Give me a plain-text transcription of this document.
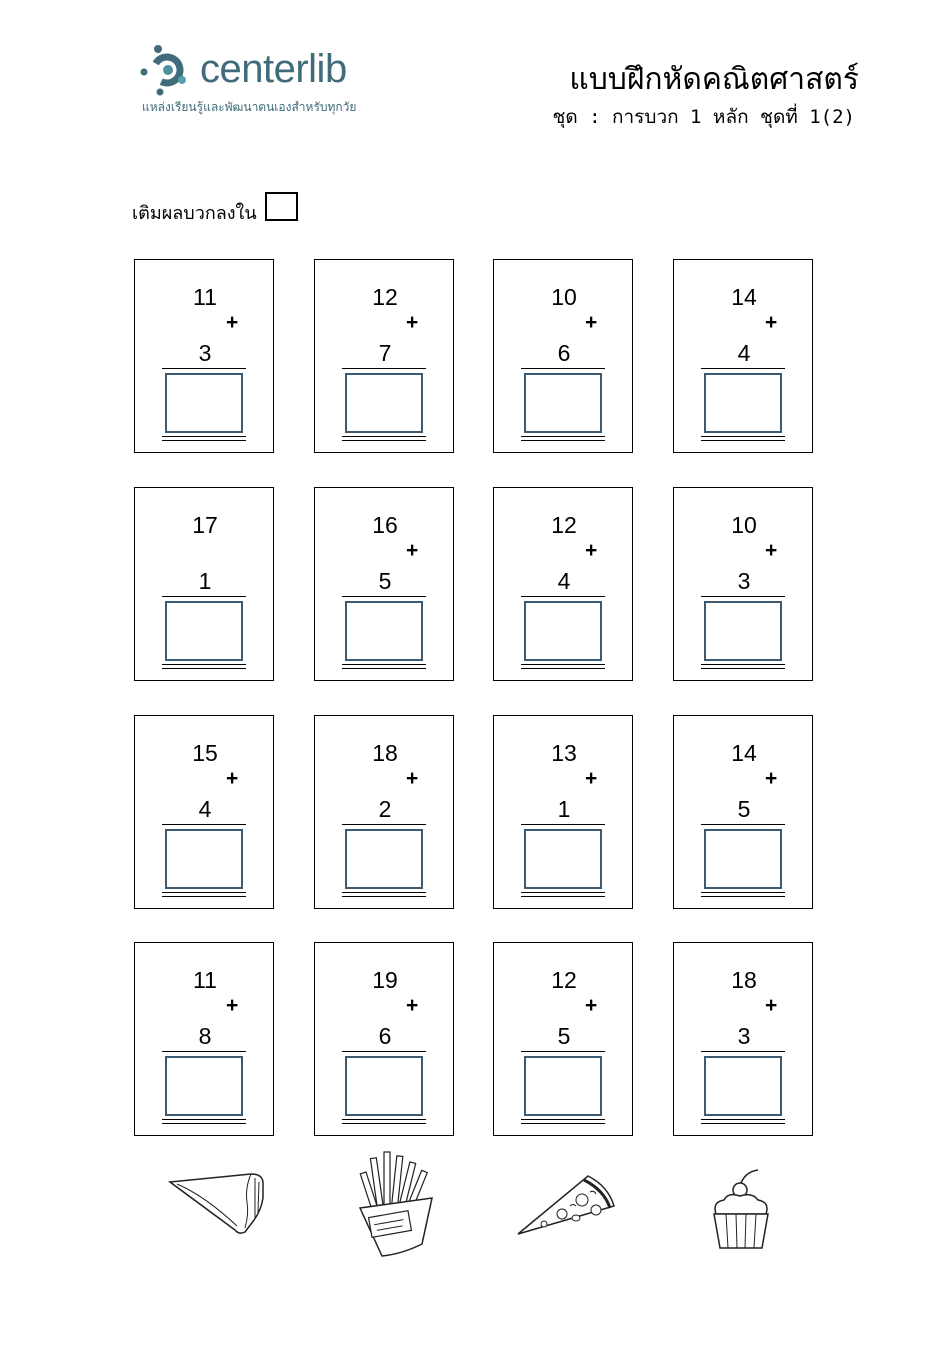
centerlib
แหล่งเรียนรู้และพัฒนาตนเองสำหรับทุกวัย
แบบฝึกหัดคณิตศาสตร์
ชุด : การบวก 1 หลัก ชุดที่ 1(2)
เติมผลบวกลงใน
11
+
3
12
+
7
10
+
6
14
+
4
17
1
16
+
5
12
+
4
10
+
3
15
+
4
18
+
2
13
+
1
14
+
5
11
+
8
19
+
6
12
+
5
18
+
3
